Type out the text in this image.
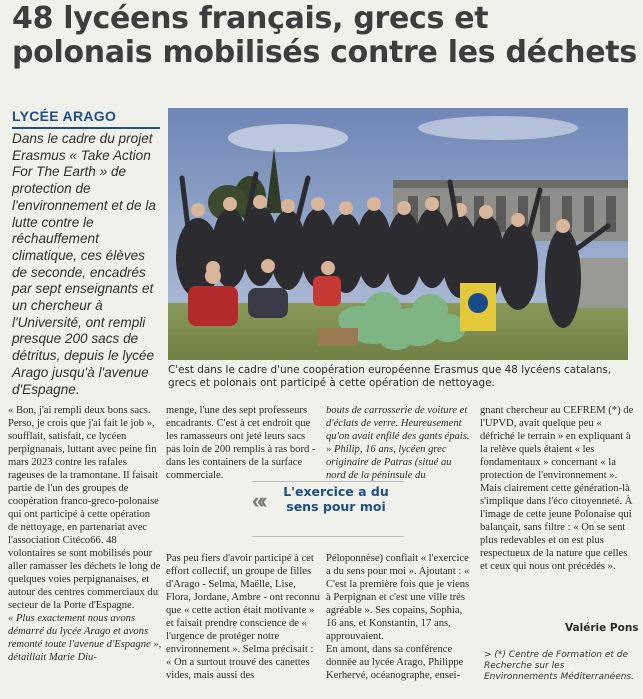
48 lycéens français, grecs et polonais mobilisés contre les déchets
LYCÉE ARAGO
Dans le cadre du projet Erasmus « Take Action For The Earth » de protection de l'environnement et de la lutte contre le réchauffement climatique, ces élèves de seconde, encadrés par sept enseignants et un chercheur à l'Université, ont rempli presque 200 sacs de détritus, depuis le lycée Arago jusqu'à l'avenue d'Espagne.
C'est dans le cadre d'une coopération européenne Erasmus que 48 lycéens catalans, grecs et polonais ont participé à cette opération de nettoyage.

« Bon, j'ai rempli deux bons sacs. Perso, je crois que j'ai fait le job », soufflait, satisfait, ce lycéen perpignanais, luttant avec peine fin mars 2023 contre les rafales rageuses de la tramontane. Il faisait partie de l'un des groupes de coopération franco-greco-polonaise qui ont participé à cette opération de nettoyage, en partenariat avec l'association Citéco66. 48 volontaires se sont mobilisés pour aller ramasser les déchets le long de quelques voies perpignanaises, et autour des centres commerciaux du secteur de la Porte d'Espagne.

« Plus exactement nous avons démarré du lycée Arago et avons remonté toute l'avenue d'Espagne », détaillait Marie Diu-

menge, l'une des sept professeurs encadrants. C'est à cet endroit que les ramasseurs ont jeté leurs sacs pas loin de 200 remplis à ras bord - dans les containers de la surface commerciale.

«‹	L'exercice a du sens pour moi

Pas peu fiers d'avoir participé à cet effort collectif, un groupe de filles d'Arago - Selma, Maëlle, Lise, Flora, Jordane, Ambre - ont reconnu que « cette action était motivante » et faisait prendre conscience de « l'urgence de protéger notre environnement ». Selma précisait : « On a surtout trouvé des canettes vides, mais aussi des

bouts de carrosserie de voiture et d'éclats de verre. Heureusement qu'on avait enfilé des gants épais. » Philip, 16 ans, lycéen grec originaire de Patras (situé au nord de la péninsule du

Péloponnèse) confiait « l'exercice a du sens pour moi ». Ajoutant : « C'est la première fois que je viens à Perpignan et c'est une ville très agréable ». Ses copains, Sophia, 16 ans, et Konstantin, 17 ans, approuvaient.

En amont, dans sa conférence donnée au lycée Arago, Philippe Kerhervé, océanographe, ensei-

gnant chercheur au CEFREM (*) de l'UPVD, avait quelque peu « défriché le terrain » en expliquant à la relève quels étaient « les fondamentaux » concernant « la protection de l'environnement ». Mais clairement cette génération-là s'implique dans l'éco citoyenneté. À l'image de cette jeune Polonaise qui balançait, sans filtre : « On se sent plus redevables et on est plus respectueux de la nature que celles et ceux qui nous ont précédés ».

Valérie Pons
> (*) Centre de Formation et de Recherche sur les Environnements Méditerranéens.
